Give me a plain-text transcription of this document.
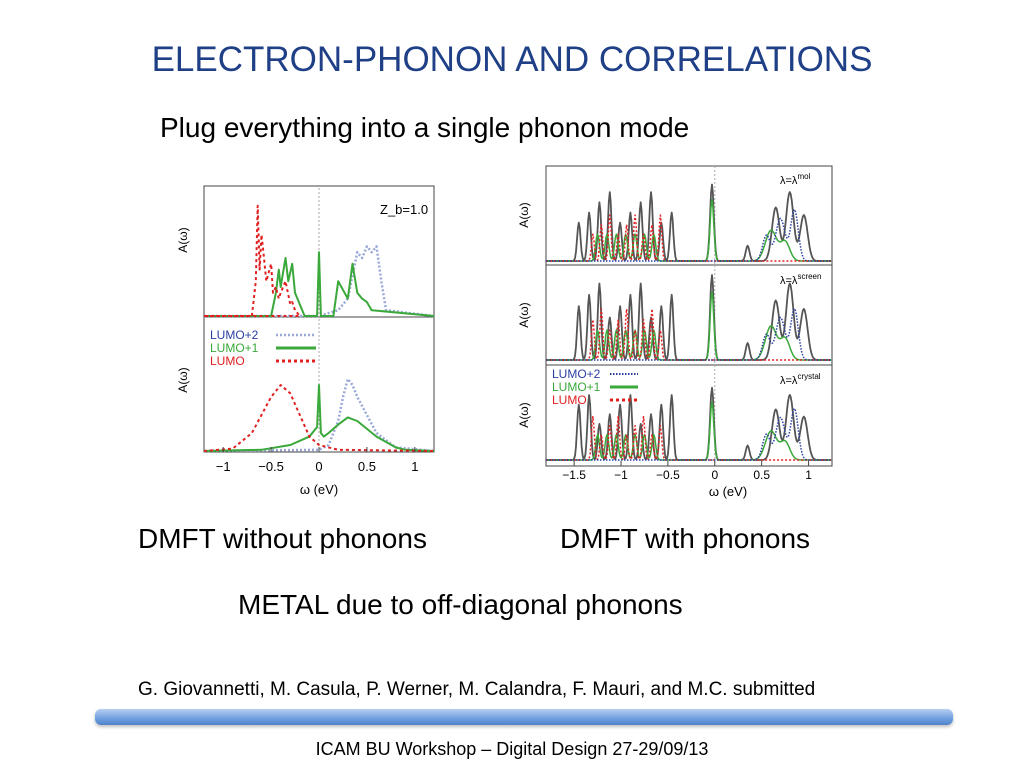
ELECTRON-PHONON AND CORRELATIONS
Plug everything into a single phonon mode
A(ω)
A(ω)
Z_b=1.0
LUMO+2
LUMO+1
LUMO
−1 −0.5 0	0.5	1
ω (eV)
A(ω)
A(ω)
A(ω)
$\lambda=\lambda^{mol}$
$\lambda=\lambda^{screen}$
$\lambda=\lambda^{crystal}$
LUMO+2
LUMO+1
LUMO
−1.5 −1 −0.5	0	0.5	1
ω (eV)
DMFT without phonons	DMFT with phonons
METAL due to off-diagonal phonons
G. Giovannetti, M. Casula, P. Werner, M. Calandra, F. Mauri, and M.C. submitted
ICAM BU Workshop – Digital Design 27-29/09/13
